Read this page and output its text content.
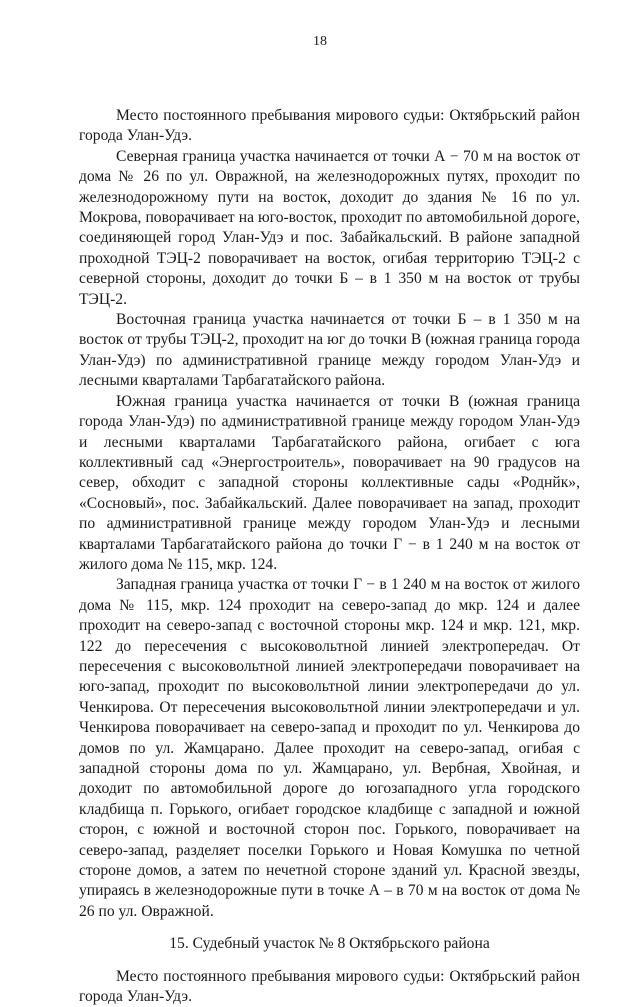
18

Место постоянного пребывания мирового судьи: Октябрьский район города Улан-Удэ.

Северная граница участка начинается от точки А − 70 м на восток от дома № 26 по ул. Овражной, на железнодорожных путях, проходит по железнодорожному пути на восток, доходит до здания № 16 по ул. Мокрова, поворачивает на юго-восток, проходит по автомобильной дороге, соединяющей город Улан-Удэ и пос. Забайкальский. В районе западной проходной ТЭЦ-2 поворачивает на восток, огибая территорию ТЭЦ-2 с северной стороны, доходит до точки Б – в 1 350 м на восток от трубы ТЭЦ-2.

Восточная граница участка начинается от точки Б – в 1 350 м на восток от трубы ТЭЦ-2, проходит на юг до точки В (южная граница города Улан-Удэ) по административной границе между городом Улан-Удэ и лесными кварталами Тарбагатайского района.

Южная граница участка начинается от точки В (южная граница города Улан-Удэ) по административной границе между городом Улан-Удэ и лесными кварталами Тарбагатайского района, огибает с юга коллективный сад «Энергостроитель», поворачивает на 90 градусов на север, обходит с западной стороны коллективные сады «Роднйк», «Сосновый», пос. Забайкальский. Далее поворачивает на запад, проходит по административной границе между городом Улан-Удэ и лесными кварталами Тарбагатайского района до точки Г − в 1 240 м на восток от жилого дома № 115, мкр. 124.

Западная граница участка от точки Г − в 1 240 м на восток от жилого дома № 115, мкр. 124 проходит на северо-запад до мкр. 124 и далее проходит на северо-запад с восточной стороны мкр. 124 и мкр. 121, мкр. 122 до пересечения с высоковольтной линией электропередач. От пересечения с высоковольтной линией электропередачи поворачивает на юго-запад, проходит по высоковольтной линии электропередачи до ул. Ченкирова. От пересечения высоковольтной линии электропередачи и ул. Ченкирова поворачивает на северо-запад и проходит по ул. Ченкирова до домов по ул. Жамцарано. Далее проходит на северо-запад, огибая с западной стороны дома по ул. Жамцарано, ул. Вербная, Хвойная, и доходит по автомобильной дороге до югозападного угла городского кладбища п. Горького, огибает городское кладбище с западной и южной сторон, с южной и восточной сторон пос. Горького, поворачивает на северо-запад, разделяет поселки Горького и Новая Комушка по четной стороне домов, а затем по нечетной стороне зданий ул. Красной звезды, упираясь в железнодорожные пути в точке А – в 70 м на восток от дома № 26 по ул. Овражной.

15. Судебный участок № 8 Октябрьского района

Место постоянного пребывания мирового судьи: Октябрьский район города Улан-Удэ.
